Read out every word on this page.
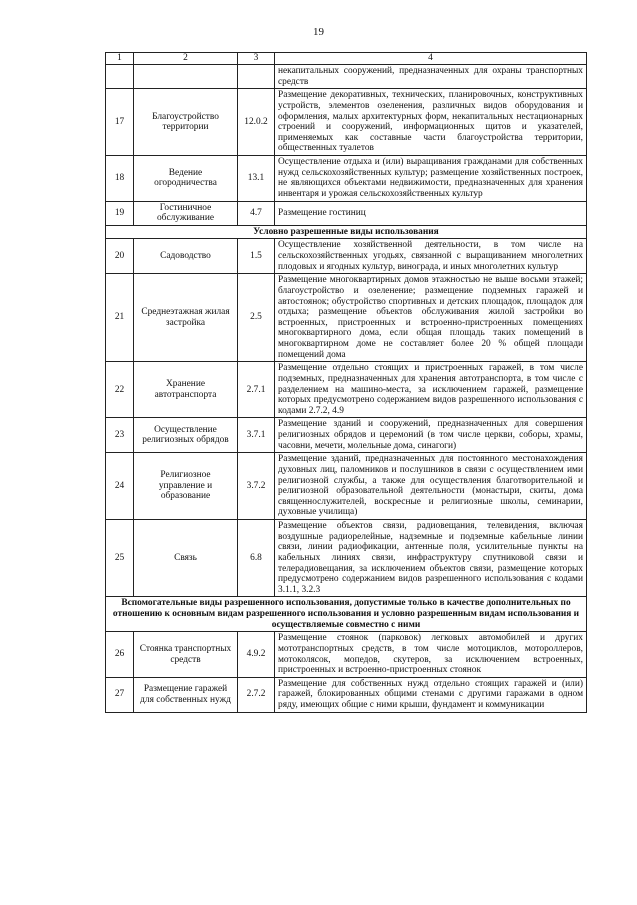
19
1	2	3	4
			некапитальных сооружений, предназначенных для охраны транспортных средств
17	Благоустройство территории	12.0.2	Размещение декоративных, технических, планировочных, конструктивных устройств, элементов озеленения, различных видов оборудования и оформления, малых архитектурных форм, некапитальных нестационарных строений и сооружений, информационных щитов и указателей, применяемых как составные части благоустройства территории, общественных туалетов
18	Ведение огородничества	13.1	Осуществление отдыха и (или) выращивания гражданами для собственных нужд сельскохозяйственных культур; размещение хозяйственных построек, не являющихся объектами недвижимости, предназначенных для хранения инвентаря и урожая сельскохозяйственных культур
19	Гостиничное обслуживание	4.7	Размещение гостиниц
Условно разрешенные виды использования			
20	Садоводство	1.5	Осуществление хозяйственной деятельности, в том числе на сельскохозяйственных угодьях, связанной с выращиванием многолетних плодовых и ягодных культур, винограда, и иных многолетних культур
21	Среднеэтажная жилая застройка	2.5	Размещение многоквартирных домов этажностью не выше восьми этажей; благоустройство и озеленение; размещение подземных гаражей и автостоянок; обустройство спортивных и детских площадок, площадок для отдыха; размещение объектов обслуживания жилой застройки во встроенных, пристроенных и встроенно-пристроенных помещениях многоквартирного дома, если общая площадь таких помещений в многоквартирном доме не составляет более 20 % общей площади помещений дома
22	Хранение автотранспорта	2.7.1	Размещение отдельно стоящих и пристроенных гаражей, в том числе подземных, предназначенных для хранения автотранспорта, в том числе с разделением на машино-места, за исключением гаражей, размещение которых предусмотрено содержанием видов разрешенного использования с кодами 2.7.2, 4.9
23	Осуществление религиозных обрядов	3.7.1	Размещение зданий и сооружений, предназначенных для совершения религиозных обрядов и церемоний (в том числе церкви, соборы, храмы, часовни, мечети, молельные дома, синагоги)
24	Религиозное управление и образование	3.7.2	Размещение зданий, предназначенных для постоянного местонахождения духовных лиц, паломников и послушников в связи с осуществлением ими религиозной службы, а также для осуществления благотворительной и религиозной образовательной деятельности (монастыри, скиты, дома священнослужителей, воскресные и религиозные школы, семинарии, духовные училища)
25	Связь	6.8	Размещение объектов связи, радиовещания, телевидения, включая воздушные радиорелейные, надземные и подземные кабельные линии связи, линии радиофикации, антенные поля, усилительные пункты на кабельных линиях связи, инфраструктуру спутниковой связи и телерадиовещания, за исключением объектов связи, размещение которых предусмотрено содержанием видов разрешенного использования с кодами 3.1.1, 3.2.3
Вспомогательные виды разрешенного использования, допустимые только в качестве дополнительных по отношению к основным видам разрешенного использования и условно разрешенным видам использования и осуществляемые совместно с ними			
26	Стоянка транспортных средств	4.9.2	Размещение стоянок (парковок) легковых автомобилей и других мототранспортных средств, в том числе мотоциклов, мотороллеров, мотоколясок, мопедов, скутеров, за исключением встроенных, пристроенных и встроенно-пристроенных стоянок
27	Размещение гаражей для собственных нужд	2.7.2	Размещение для собственных нужд отдельно стоящих гаражей и (или) гаражей, блокированных общими стенами с другими гаражами в одном ряду, имеющих общие с ними крыши, фундамент и коммуникации
